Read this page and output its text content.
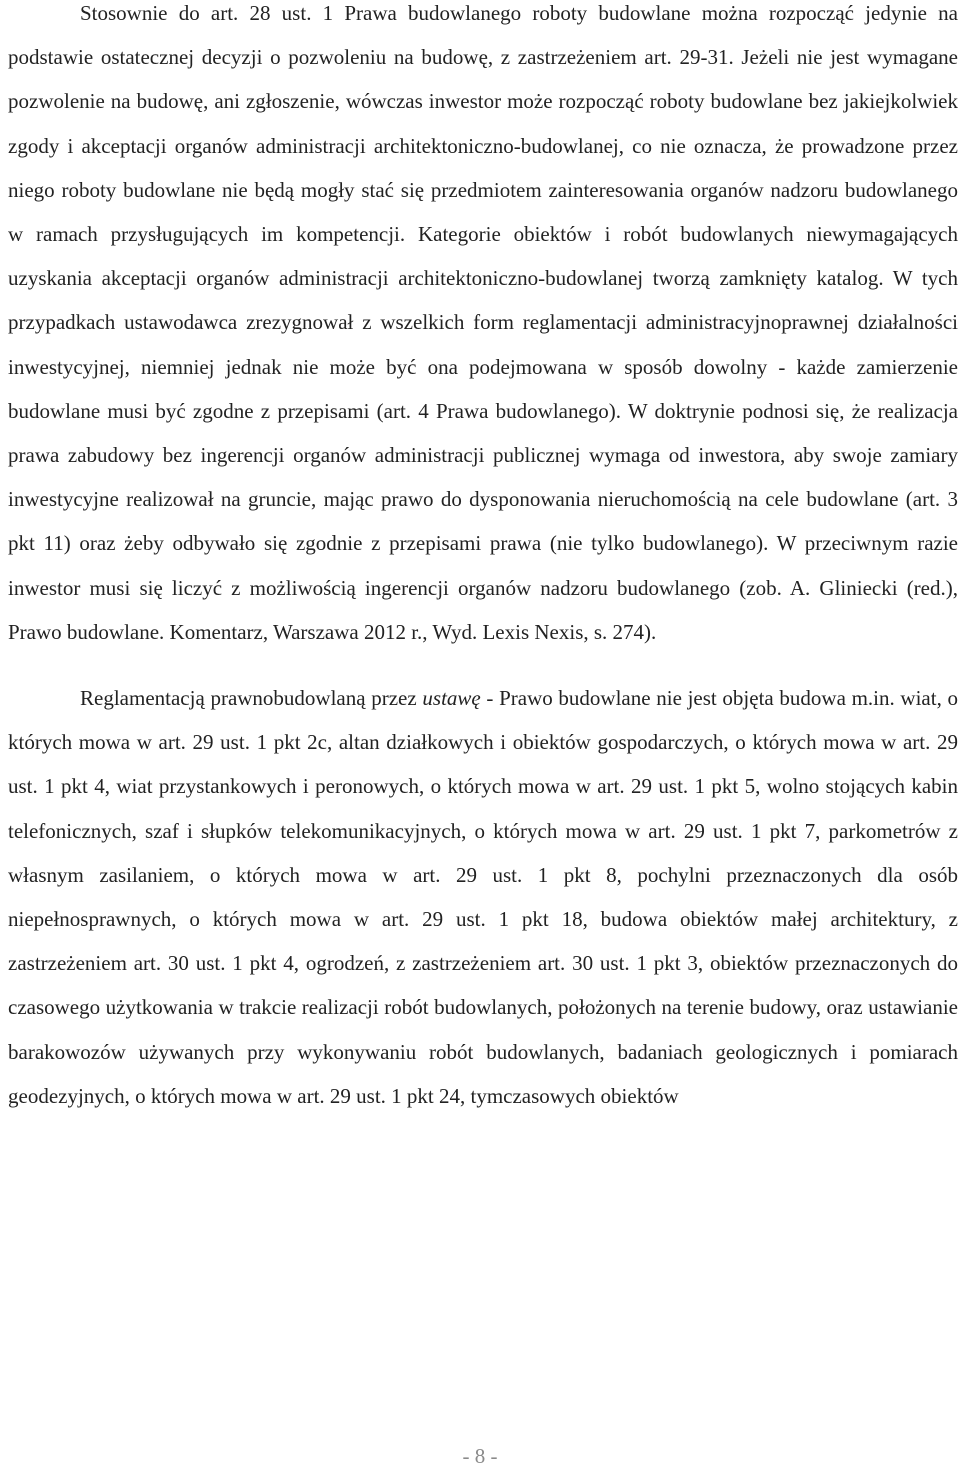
Stosownie do art. 28 ust. 1 Prawa budowlanego roboty budowlane można rozpocząć jedynie na podstawie ostatecznej decyzji o pozwoleniu na budowę, z zastrzeżeniem art. 29-31. Jeżeli nie jest wymagane pozwolenie na budowę, ani zgłoszenie, wówczas inwestor może rozpocząć roboty budowlane bez jakiejkolwiek zgody i akceptacji organów administracji architektoniczno-budowlanej, co nie oznacza, że prowadzone przez niego roboty budowlane nie będą mogły stać się przedmiotem zainteresowania organów nadzoru budowlanego w ramach przysługujących im kompetencji. Kategorie obiektów i robót budowlanych niewymagających uzyskania akceptacji organów administracji architektoniczno-budowlanej tworzą zamknięty katalog. W tych przypadkach ustawodawca zrezygnował z wszelkich form reglamentacji administracyjnoprawnej działalności inwestycyjnej, niemniej jednak nie może być ona podejmowana w sposób dowolny - każde zamierzenie budowlane musi być zgodne z przepisami (art. 4 Prawa budowlanego). W doktrynie podnosi się, że realizacja prawa zabudowy bez ingerencji organów administracji publicznej wymaga od inwestora, aby swoje zamiary inwestycyjne realizował na gruncie, mając prawo do dysponowania nieruchomością na cele budowlane (art. 3 pkt 11) oraz żeby odbywało się zgodnie z przepisami prawa (nie tylko budowlanego). W przeciwnym razie inwestor musi się liczyć z możliwością ingerencji organów nadzoru budowlanego (zob. A. Gliniecki (red.), Prawo budowlane. Komentarz, Warszawa 2012 r., Wyd. Lexis Nexis, s. 274).

Reglamentacją prawnobudowlaną przez ustawę - Prawo budowlane nie jest objęta budowa m.in. wiat, o których mowa w art. 29 ust. 1 pkt 2c, altan działkowych i obiektów gospodarczych, o których mowa w art. 29 ust. 1 pkt 4, wiat przystankowych i peronowych, o których mowa w art. 29 ust. 1 pkt 5, wolno stojących kabin telefonicznych, szaf i słupków telekomunikacyjnych, o których mowa w art. 29 ust. 1 pkt 7, parkometrów z własnym zasilaniem, o których mowa w art. 29 ust. 1 pkt 8, pochylni przeznaczonych dla osób niepełnosprawnych, o których mowa w art. 29 ust. 1 pkt 18, budowa obiektów małej architektury, z zastrzeżeniem art. 30 ust. 1 pkt 4, ogrodzeń, z zastrzeżeniem art. 30 ust. 1 pkt 3, obiektów przeznaczonych do czasowego użytkowania w trakcie realizacji robót budowlanych, położonych na terenie budowy, oraz ustawianie barakowozów używanych przy wykonywaniu robót budowlanych, badaniach geologicznych i pomiarach geodezyjnych, o których mowa w art. 29 ust. 1 pkt 24, tymczasowych obiektów

- 8 -
